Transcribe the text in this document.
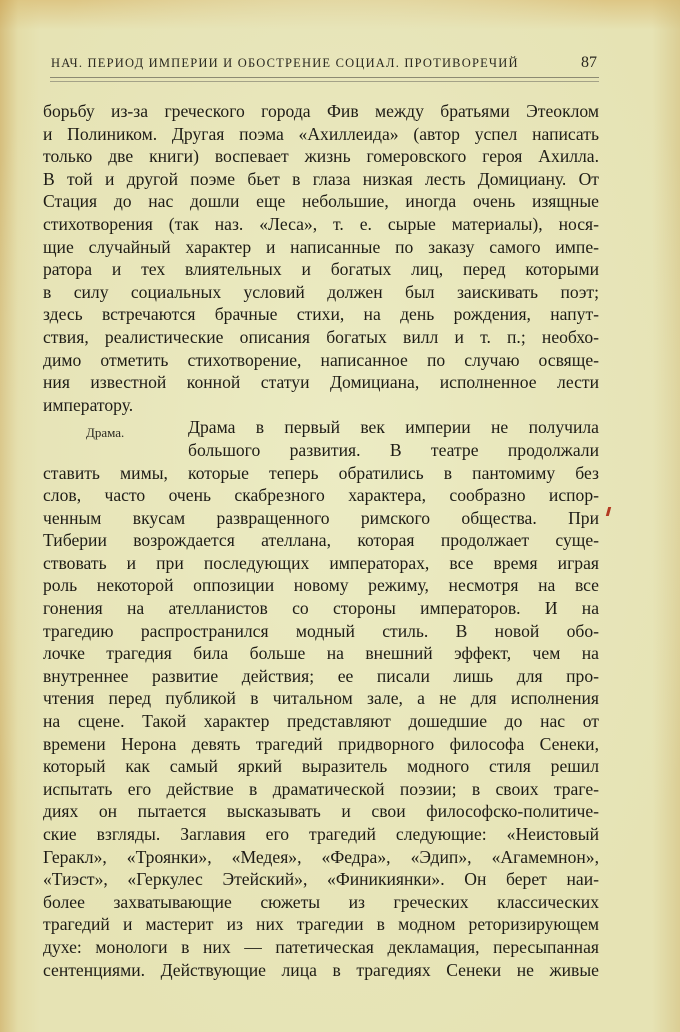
НАЧ. ПЕРИОД ИМПЕРИИ И ОБОСТРЕНИЕ СОЦИАЛ. ПРОТИВОРЕЧИЙ	87
борьбу из-за греческого города Фив между братьями Этеоклом
и Полиником. Другая поэма «Ахиллеида» (автор успел написать
только две книги) воспевает жизнь гомеровского героя Ахилла.
В той и другой поэме бьет в глаза низкая лесть Домициану. От
Стация до нас дошли еще небольшие, иногда очень изящные
стихотворения (так наз. «Леса», т. е. сырые материалы), нося-
щие случайный характер и написанные по заказу самого импе-
ратора и тех влиятельных и богатых лиц, перед которыми
в силу социальных условий должен был заискивать поэт;
здесь встречаются брачные стихи, на день рождения, напут-
ствия, реалистические описания богатых вилл и т. п.; необхо-
димо отметить стихотворение, написанное по случаю освяще-
ния известной конной статуи Домициана, исполненное лести
императору.
Драма.	Драма в первый век империи не получила
большого развития. В театре продолжали
ставить мимы, которые теперь обратились в пантомиму без
слов, часто очень скабрезного характера, сообразно испор-
ченным вкусам развращенного римского общества. При
Тиберии возрождается ателлана, которая продолжает суще-
ствовать и при последующих императорах, все время играя
роль некоторой оппозиции новому режиму, несмотря на все
гонения на ателланистов со стороны императоров. И на
трагедию распространился модный стиль. В новой обо-
лочке трагедия била больше на внешний эффект, чем на
внутреннее развитие действия; ее писали лишь для про-
чтения перед публикой в читальном зале, а не для исполнения
на сцене. Такой характер представляют дошедшие до нас от
времени Нерона девять трагедий придворного философа Сенеки,
который как самый яркий выразитель модного стиля решил
испытать его действие в драматической поэзии; в своих траге-
диях он пытается высказывать и свои философско-политиче-
ские взгляды. Заглавия его трагедий следующие: «Неистовый
Геракл», «Троянки», «Медея», «Федра», «Эдип», «Агамемнон»,
«Тиэст», «Геркулес Этейский», «Финикиянки». Он берет наи-
более захватывающие сюжеты из греческих классических
трагедий и мастерит из них трагедии в модном реторизирующем
духе: монологи в них — патетическая декламация, пересыпанная
сентенциями. Действующие лица в трагедиях Сенеки не живые
